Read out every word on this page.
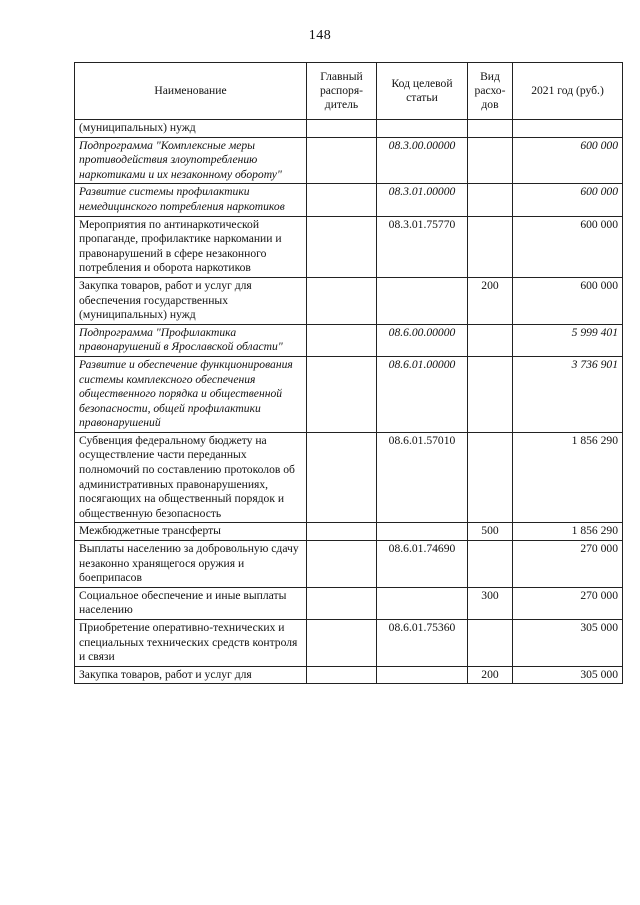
148
Наименование	Главный распоря-дитель	Код целевой статьи	Вид расхо-дов	2021 год (руб.)
(муниципальных) нужд				
Подпрограмма "Комплексные меры противодействия злоупотреблению наркотиками и их незаконному обороту"		08.3.00.00000		600 000
Развитие системы профилактики немедицинского потребления наркотиков		08.3.01.00000		600 000
Мероприятия по антинаркотической пропаганде, профилактике наркомании и правонарушений в сфере незаконного потребления и оборота наркотиков		08.3.01.75770		600 000
Закупка товаров, работ и услуг для обеспечения государственных (муниципальных) нужд			200	600 000
Подпрограмма "Профилактика правонарушений в Ярославской области"		08.6.00.00000		5 999 401
Развитие и обеспечение функционирования системы комплексного обеспечения общественного порядка и общественной безопасности, общей профилактики правонарушений		08.6.01.00000		3 736 901
Субвенция федеральному бюджету на осуществление части переданных полномочий по составлению протоколов об административных правонарушениях, посягающих на общественный порядок и общественную безопасность		08.6.01.57010		1 856 290
Межбюджетные трансферты			500	1 856 290
Выплаты населению за добровольную сдачу незаконно хранящегося оружия и боеприпасов		08.6.01.74690		270 000
Социальное обеспечение и иные выплаты населению			300	270 000
Приобретение оперативно-технических и специальных технических средств контроля и связи		08.6.01.75360		305 000
Закупка товаров, работ и услуг для			200	305 000
